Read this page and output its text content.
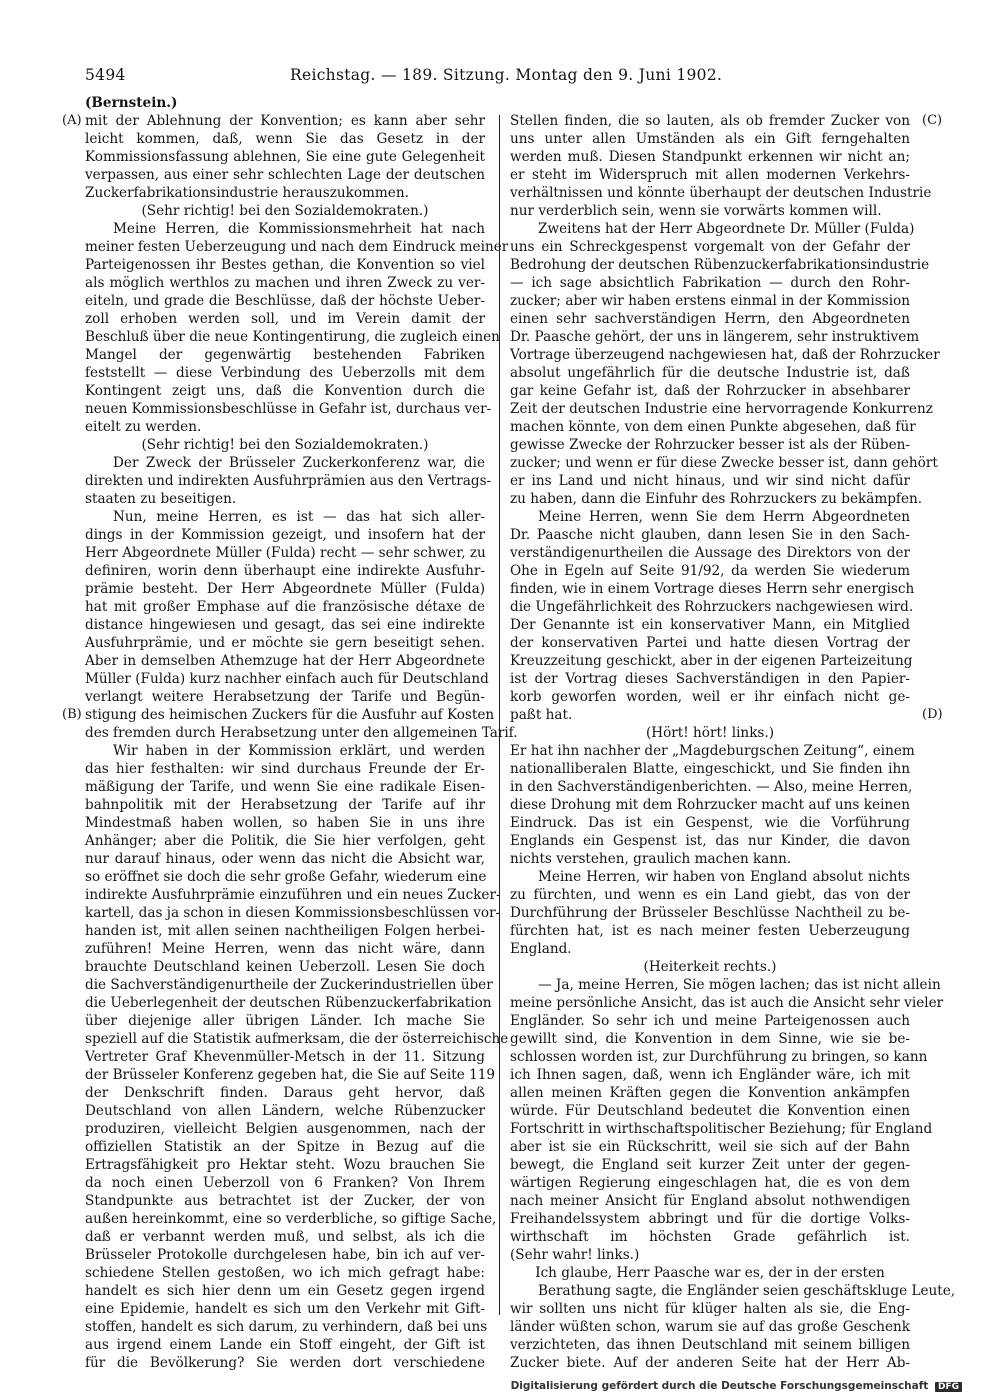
5494	Reichstag. — 189. Sitzung. Montag den 9. Juni 1902.
(A)
(B)
(C)
(D)
(Bernstein.)
mit der Ablehnung der Konvention; es kann aber sehr
leicht kommen, daß, wenn Sie das Gesetz in der
Kommissionsfassung ablehnen, Sie eine gute Gelegenheit
verpassen, aus einer sehr schlechten Lage der deutschen
Zuckerfabrikationsindustrie herauszukommen.
(Sehr richtig! bei den Sozialdemokraten.)
Meine Herren, die Kommissionsmehrheit hat nach
meiner festen Ueberzeugung und nach dem Eindruck meiner
Parteigenossen ihr Bestes gethan, die Konvention so viel
als möglich werthlos zu machen und ihren Zweck zu ver-
eiteln, und grade die Beschlüsse, daß der höchste Ueber-
zoll erhoben werden soll, und im Verein damit der
Beschluß über die neue Kontingentirung, die zugleich einen
Mangel der gegenwärtig bestehenden Fabriken
feststellt — diese Verbindung des Ueberzolls mit dem
Kontingent zeigt uns, daß die Konvention durch die
neuen Kommissionsbeschlüsse in Gefahr ist, durchaus ver-
eitelt zu werden.
(Sehr richtig! bei den Sozialdemokraten.)
Der Zweck der Brüsseler Zuckerkonferenz war, die
direkten und indirekten Ausfuhrprämien aus den Vertrags-
staaten zu beseitigen.
Nun, meine Herren, es ist — das hat sich aller-
dings in der Kommission gezeigt, und insofern hat der
Herr Abgeordnete Müller (Fulda) recht — sehr schwer, zu
definiren, worin denn überhaupt eine indirekte Ausfuhr-
prämie besteht. Der Herr Abgeordnete Müller (Fulda)
hat mit großer Emphase auf die französische détaxe de
distance hingewiesen und gesagt, das sei eine indirekte
Ausfuhrprämie, und er möchte sie gern beseitigt sehen.
Aber in demselben Athemzuge hat der Herr Abgeordnete
Müller (Fulda) kurz nachher einfach auch für Deutschland
verlangt weitere Herabsetzung der Tarife und Begün-
stigung des heimischen Zuckers für die Ausfuhr auf Kosten
des fremden durch Herabsetzung unter den allgemeinen Tarif.
Wir haben in der Kommission erklärt, und werden
das hier festhalten: wir sind durchaus Freunde der Er-
mäßigung der Tarife, und wenn Sie eine radikale Eisen-
bahnpolitik mit der Herabsetzung der Tarife auf ihr
Mindestmaß haben wollen, so haben Sie in uns ihre
Anhänger; aber die Politik, die Sie hier verfolgen, geht
nur darauf hinaus, oder wenn das nicht die Absicht war,
so eröffnet sie doch die sehr große Gefahr, wiederum eine
indirekte Ausfuhrprämie einzuführen und ein neues Zucker-
kartell, das ja schon in diesen Kommissionsbeschlüssen vor-
handen ist, mit allen seinen nachtheiligen Folgen herbei-
zuführen! Meine Herren, wenn das nicht wäre, dann
brauchte Deutschland keinen Ueberzoll. Lesen Sie doch
die Sachverständigenurtheile der Zuckerindustriellen über
die Ueberlegenheit der deutschen Rübenzuckerfabrikation
über diejenige aller übrigen Länder. Ich mache Sie
speziell auf die Statistik aufmerksam, die der österreichische
Vertreter Graf Khevenmüller-Metsch in der 11. Sitzung
der Brüsseler Konferenz gegeben hat, die Sie auf Seite 119
der Denkschrift finden. Daraus geht hervor, daß
Deutschland von allen Ländern, welche Rübenzucker
produziren, vielleicht Belgien ausgenommen, nach der
offiziellen Statistik an der Spitze in Bezug auf die
Ertragsfähigkeit pro Hektar steht. Wozu brauchen Sie
da noch einen Ueberzoll von 6 Franken? Von Ihrem
Standpunkte aus betrachtet ist der Zucker, der von
außen hereinkommt, eine so verderbliche, so giftige Sache,
daß er verbannt werden muß, und selbst, als ich die
Brüsseler Protokolle durchgelesen habe, bin ich auf ver-
schiedene Stellen gestoßen, wo ich mich gefragt habe:
handelt es sich hier denn um ein Gesetz gegen irgend
eine Epidemie, handelt es sich um den Verkehr mit Gift-
stoffen, handelt es sich darum, zu verhindern, daß bei uns
aus irgend einem Lande ein Stoff eingeht, der Gift ist
für die Bevölkerung? Sie werden dort verschiedene
Stellen finden, die so lauten, als ob fremder Zucker von
uns unter allen Umständen als ein Gift ferngehalten
werden muß. Diesen Standpunkt erkennen wir nicht an;
er steht im Widerspruch mit allen modernen Verkehrs-
verhältnissen und könnte überhaupt der deutschen Industrie
nur verderblich sein, wenn sie vorwärts kommen will.
Zweitens hat der Herr Abgeordnete Dr. Müller (Fulda)
uns ein Schreckgespenst vorgemalt von der Gefahr der
Bedrohung der deutschen Rübenzuckerfabrikationsindustrie
— ich sage absichtlich Fabrikation — durch den Rohr-
zucker; aber wir haben erstens einmal in der Kommission
einen sehr sachverständigen Herrn, den Abgeordneten
Dr. Paasche gehört, der uns in längerem, sehr instruktivem
Vortrage überzeugend nachgewiesen hat, daß der Rohrzucker
absolut ungefährlich für die deutsche Industrie ist, daß
gar keine Gefahr ist, daß der Rohrzucker in absehbarer
Zeit der deutschen Industrie eine hervorragende Konkurrenz
machen könnte, von dem einen Punkte abgesehen, daß für
gewisse Zwecke der Rohrzucker besser ist als der Rüben-
zucker; und wenn er für diese Zwecke besser ist, dann gehört
er ins Land und nicht hinaus, und wir sind nicht dafür
zu haben, dann die Einfuhr des Rohrzuckers zu bekämpfen.
Meine Herren, wenn Sie dem Herrn Abgeordneten
Dr. Paasche nicht glauben, dann lesen Sie in den Sach-
verständigenurtheilen die Aussage des Direktors von der
Ohe in Egeln auf Seite 91/92, da werden Sie wiederum
finden, wie in einem Vortrage dieses Herrn sehr energisch
die Ungefährlichkeit des Rohrzuckers nachgewiesen wird.
Der Genannte ist ein konservativer Mann, ein Mitglied
der konservativen Partei und hatte diesen Vortrag der
Kreuzzeitung geschickt, aber in der eigenen Parteizeitung
ist der Vortrag dieses Sachverständigen in den Papier-
korb geworfen worden, weil er ihr einfach nicht ge-
paßt hat.
(Hört! hört! links.)
Er hat ihn nachher der „Magdeburgschen Zeitung“, einem
nationalliberalen Blatte, eingeschickt, und Sie finden ihn
in den Sachverständigenberichten. — Also, meine Herren,
diese Drohung mit dem Rohrzucker macht auf uns keinen
Eindruck. Das ist ein Gespenst, wie die Vorführung
Englands ein Gespenst ist, das nur Kinder, die davon
nichts verstehen, graulich machen kann.
Meine Herren, wir haben von England absolut nichts
zu fürchten, und wenn es ein Land giebt, das von der
Durchführung der Brüsseler Beschlüsse Nachtheil zu be-
fürchten hat, ist es nach meiner festen Ueberzeugung
England.
(Heiterkeit rechts.)
— Ja, meine Herren, Sie mögen lachen; das ist nicht allein
meine persönliche Ansicht, das ist auch die Ansicht sehr vieler
Engländer. So sehr ich und meine Parteigenossen auch
gewillt sind, die Konvention in dem Sinne, wie sie be-
schlossen worden ist, zur Durchführung zu bringen, so kann
ich Ihnen sagen, daß, wenn ich Engländer wäre, ich mit
allen meinen Kräften gegen die Konvention ankämpfen
würde. Für Deutschland bedeutet die Konvention einen
Fortschritt in wirthschaftspolitischer Beziehung; für England
aber ist sie ein Rückschritt, weil sie sich auf der Bahn
bewegt, die England seit kurzer Zeit unter der gegen-
wärtigen Regierung eingeschlagen hat, die es von dem
nach meiner Ansicht für England absolut nothwendigen
Freihandelssystem abbringt und für die dortige Volks-
wirthschaft im höchsten Grade gefährlich ist.
(Sehr wahr! links.)
Ich glaube, Herr Paasche war es, der in der ersten
Berathung sagte, die Engländer seien geschäftskluge Leute,
wir sollten uns nicht für klüger halten als sie, die Eng-
länder wüßten schon, warum sie auf das große Geschenk
verzichteten, das ihnen Deutschland mit seinem billigen
Zucker biete. Auf der anderen Seite hat der Herr Ab-
Digitalisierung gefördert durch die Deutsche Forschungsgemeinschaft DFG
